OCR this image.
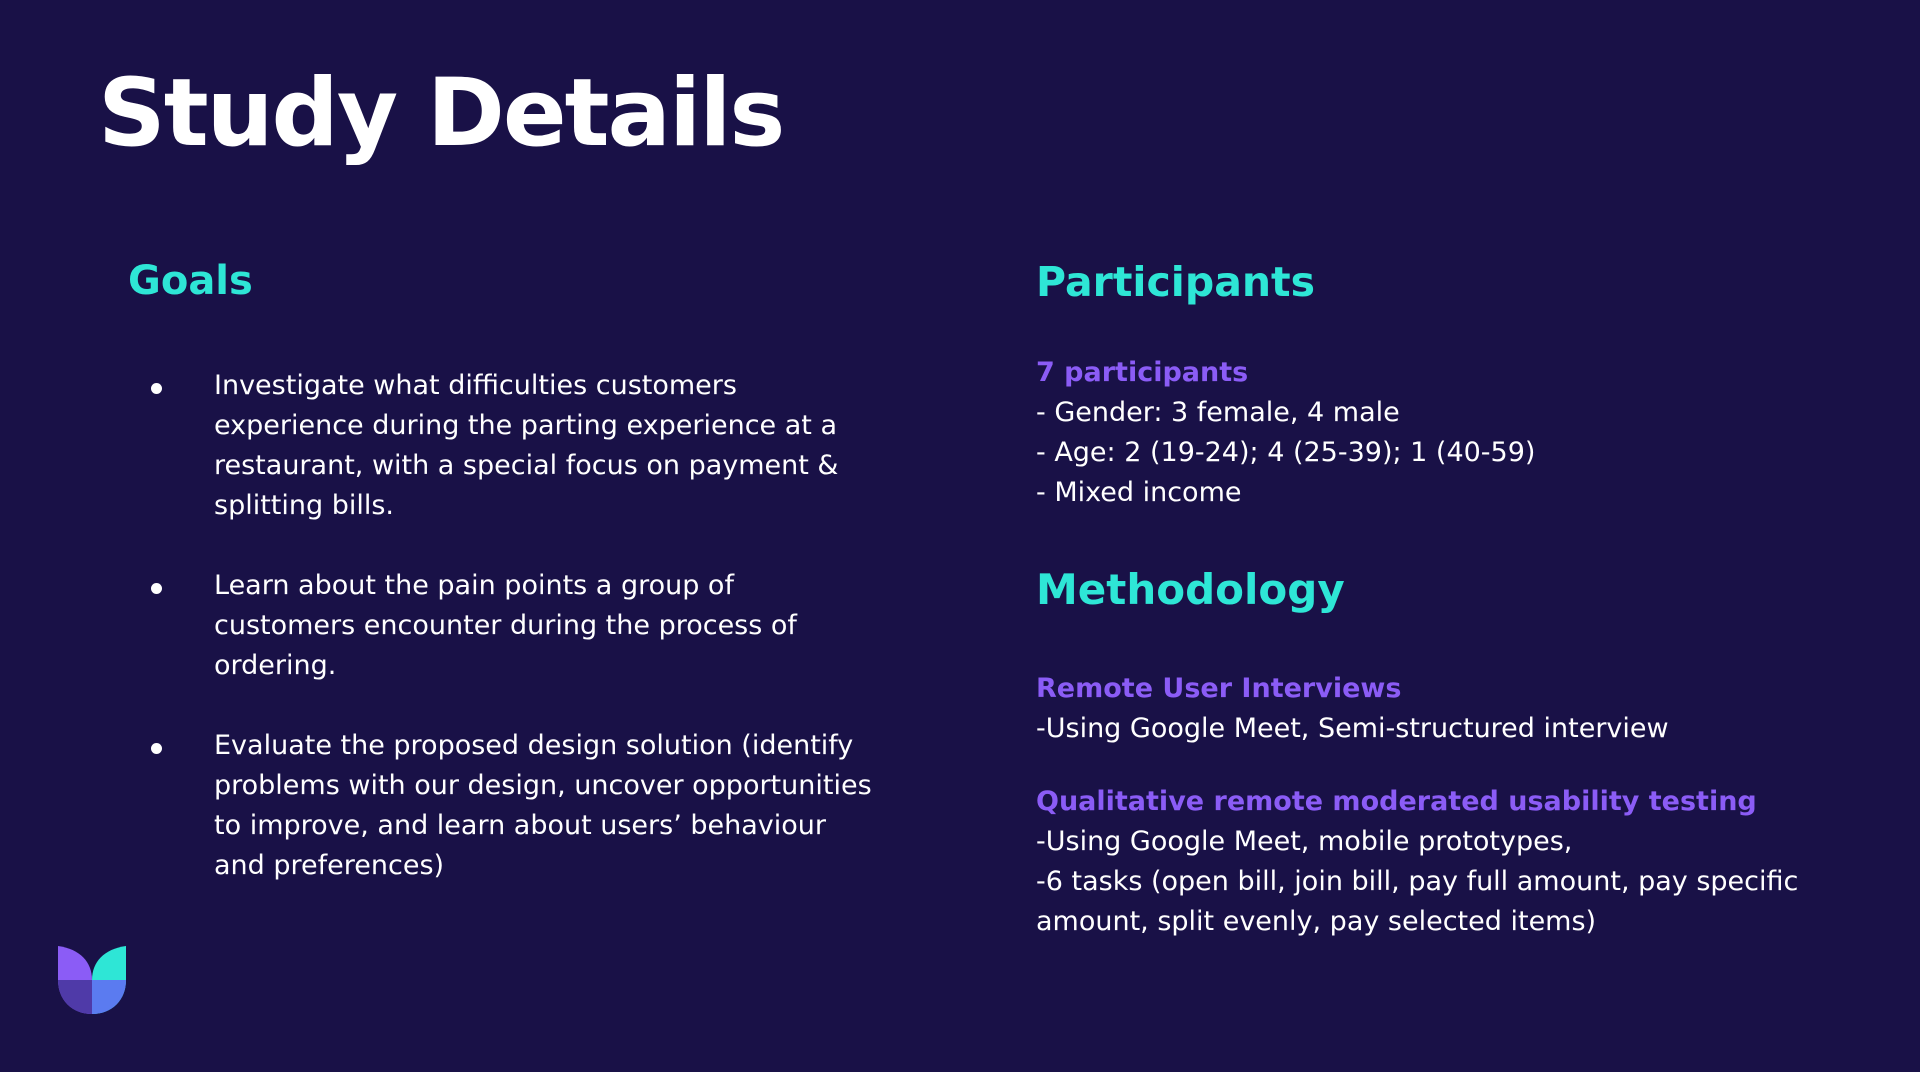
Study Details
Goals
Investigate what difficulties customers experience during the parting experience at a restaurant, with a special focus on payment & splitting bills.
Learn about the pain points a group of customers encounter during the process of ordering.
Evaluate the proposed design solution (identify problems with our design, uncover opportunities to improve, and learn about users’ behaviour and preferences)
Participants
7 participants
- Gender: 3 female, 4 male
- Age: 2 (19-24); 4 (25-39); 1 (40-59)
- Mixed income
Methodology
Remote User Interviews
-Using Google Meet, Semi-structured interview
Qualitative remote moderated usability testing
-Using Google Meet, mobile prototypes,
-6 tasks (open bill, join bill, pay full amount, pay specific amount, split evenly, pay selected items)
